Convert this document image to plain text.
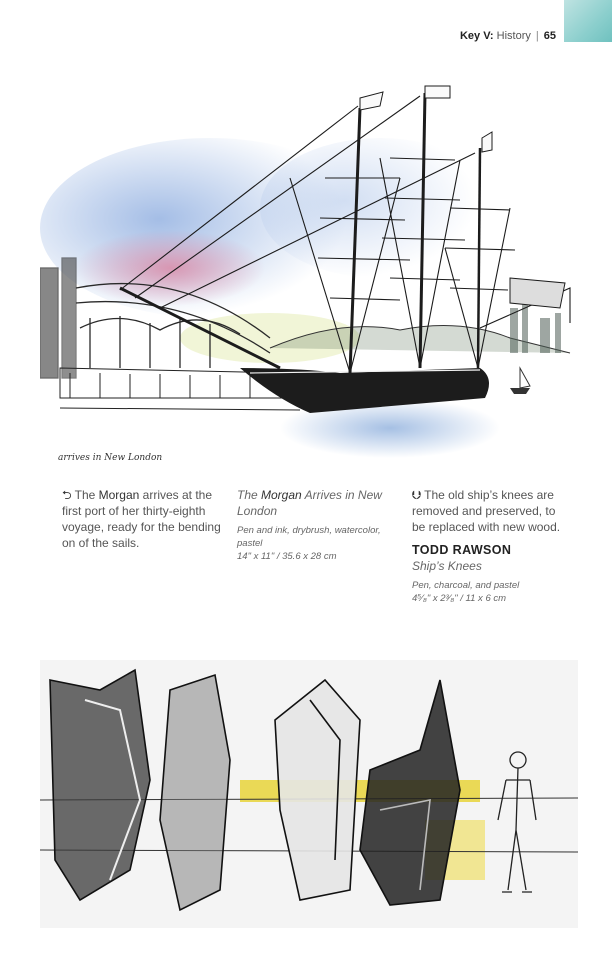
Key V: History | 65
arrives in New London
⮌ The Morgan arrives at the first port of her thirty-eighth voyage, ready for the bending on of the sails.
The Morgan Arrives in New London
Pen and ink, drybrush, watercolor, pastel
14" x 11" / 35.6 x 28 cm
⮋ The old ship’s knees are removed and preserved, to be replaced with new wood.
TODD RAWSON
Ship’s Knees
Pen, charcoal, and pastel
4⁵⁄₈" x 2³⁄₈" / 11 x 6 cm
